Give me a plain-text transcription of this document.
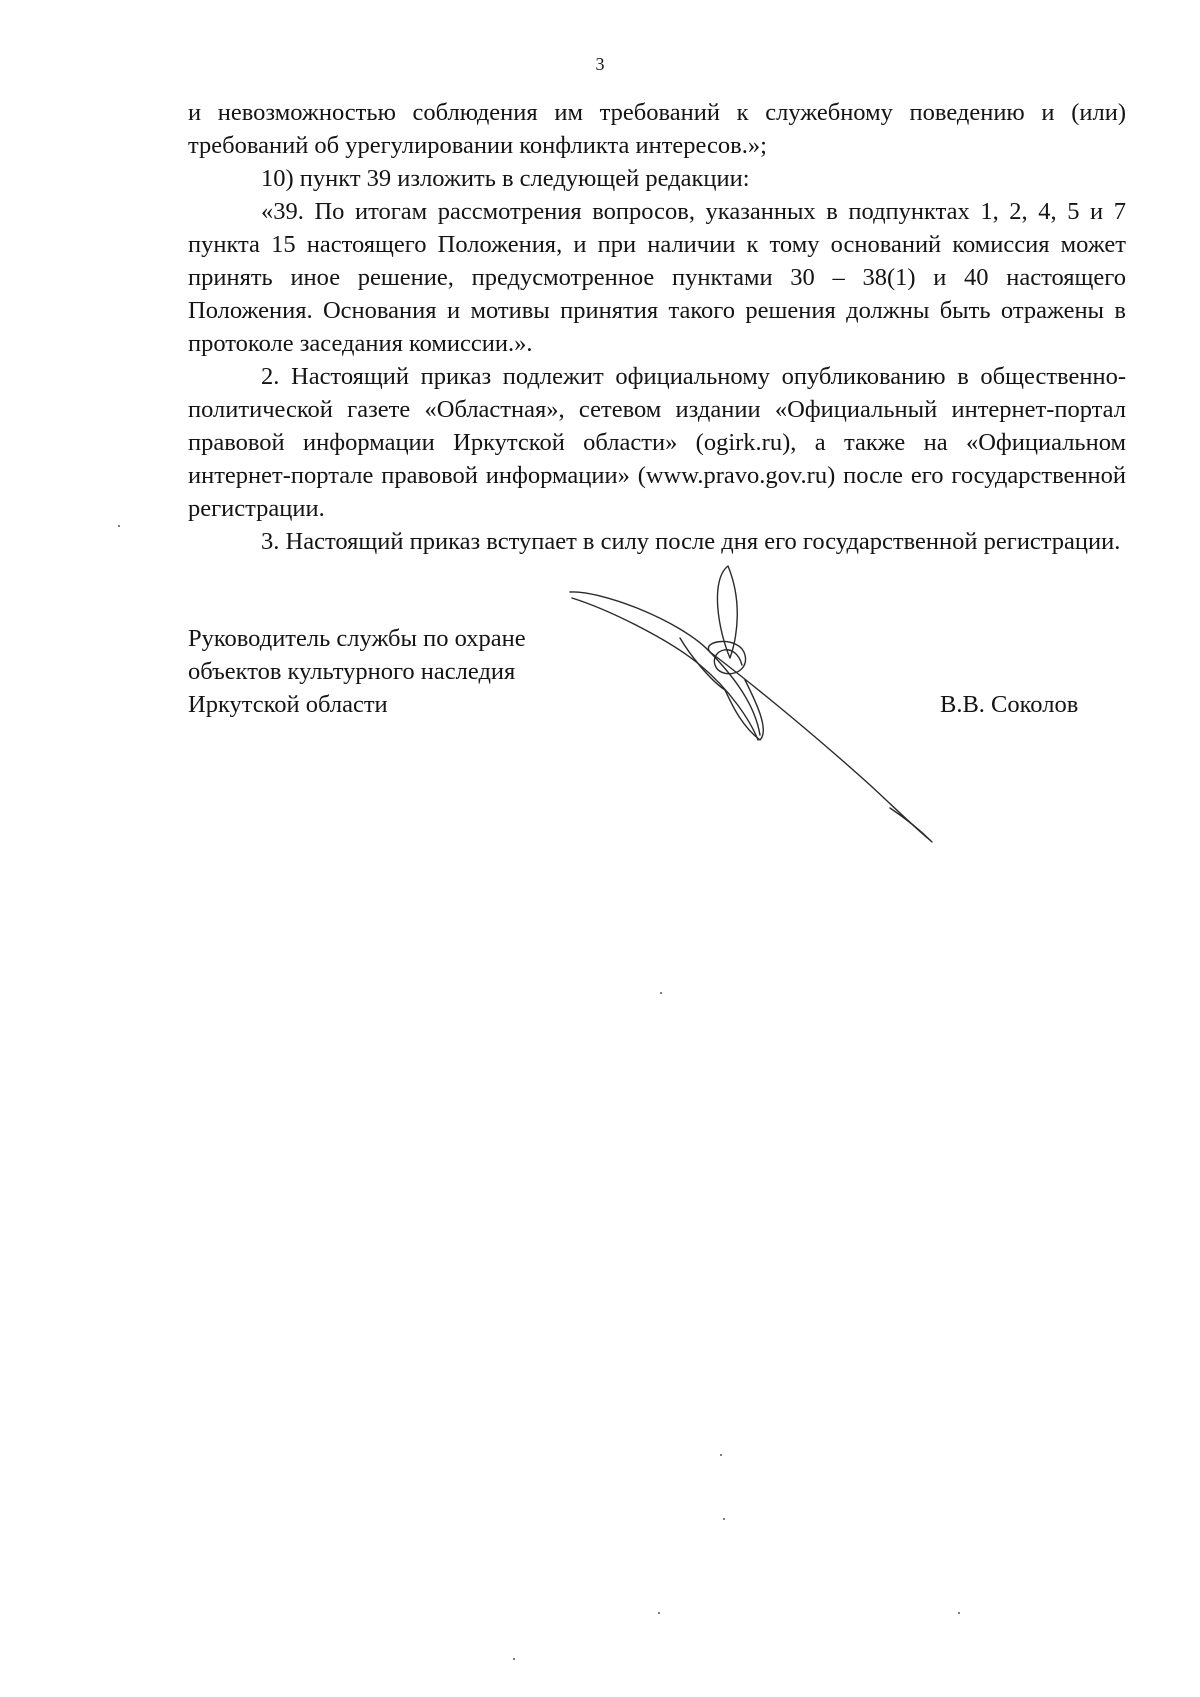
3

и невозможностью соблюдения им требований к служебному поведению и (или) требований об урегулировании конфликта интересов.»;

10) пункт 39 изложить в следующей редакции:

«39. По итогам рассмотрения вопросов, указанных в подпунктах 1, 2, 4, 5 и 7 пункта 15 настоящего Положения, и при наличии к тому оснований комиссия может принять иное решение, предусмотренное пунктами 30 – 38(1) и 40 настоящего Положения. Основания и мотивы принятия такого решения должны быть отражены в протоколе заседания комиссии.».

2. Настоящий приказ подлежит официальному опубликованию в общественно-политической газете «Областная», сетевом издании «Официальный интернет-портал правовой информации Иркутской области» (ogirk.ru), а также на «Официальном интернет-портале правовой информации» (www.pravo.gov.ru) после его государственной регистрации.

3. Настоящий приказ вступает в силу после дня его государственной регистрации.

Руководитель службы по охране
объектов культурного наследия
Иркутской области	В.В. Соколов
